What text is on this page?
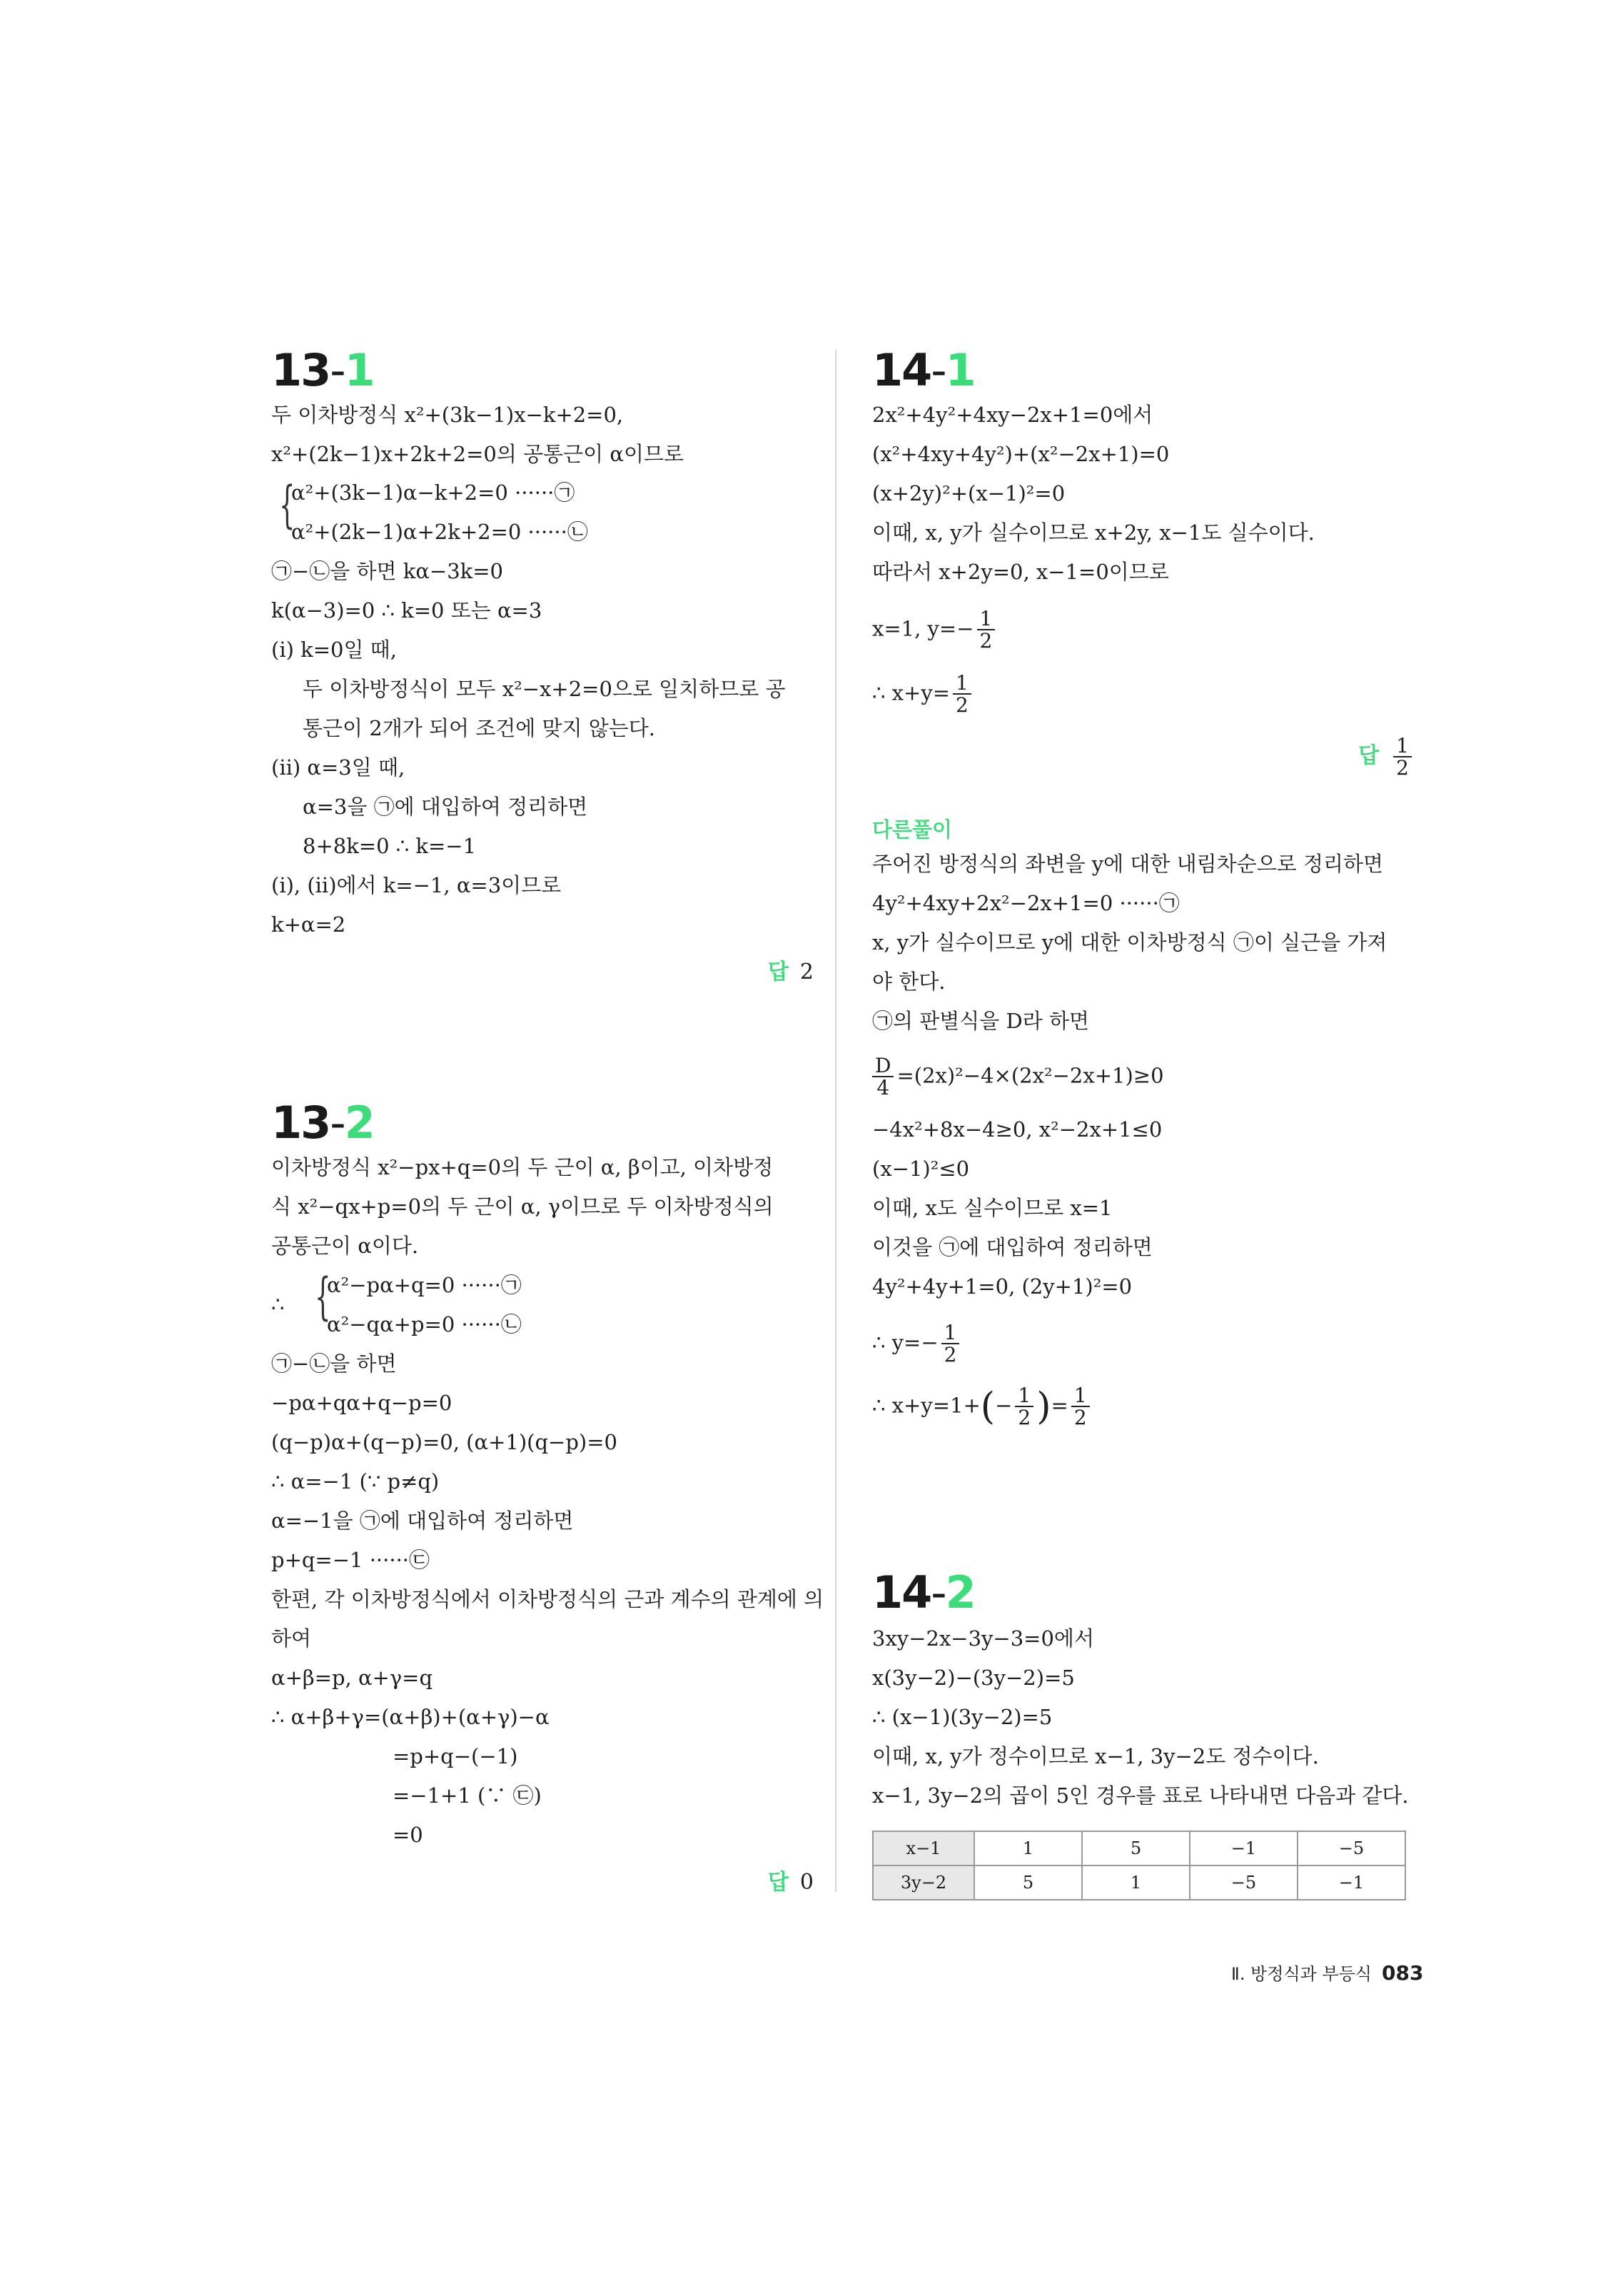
13-1
두 이차방정식 x²+(3k−1)x−k+2=0,
x²+(2k−1)x+2k+2=0의 공통근이 α이므로
{
α²+(3k−1)α−k+2=0 ······㉠
α²+(2k−1)α+2k+2=0 ······㉡
㉠−㉡을 하면 kα−3k=0
k(α−3)=0 ∴ k=0 또는 α=3
(ⅰ) k=0일 때,
두 이차방정식이 모두 x²−x+2=0으로 일치하므로 공
통근이 2개가 되어 조건에 맞지 않는다.
(ⅱ) α=3일 때,
α=3을 ㉠에 대입하여 정리하면
8+8k=0 ∴ k=−1
(ⅰ), (ⅱ)에서 k=−1, α=3이므로
k+α=2
답 2
13-2
이차방정식 x²−px+q=0의 두 근이 α, β이고, 이차방정
식 x²−qx+p=0의 두 근이 α, γ이므로 두 이차방정식의
공통근이 α이다.
∴ {
α²−pα+q=0 ······㉠
α²−qα+p=0 ······㉡
㉠−㉡을 하면
−pα+qα+q−p=0
(q−p)α+(q−p)=0, (α+1)(q−p)=0
∴ α=−1 (∵ p≠q)
α=−1을 ㉠에 대입하여 정리하면
p+q=−1 ······㉢
한편, 각 이차방정식에서 이차방정식의 근과 계수의 관계에 의
하여
α+β=p, α+γ=q
∴ α+β+γ=(α+β)+(α+γ)−α
=p+q−(−1)
=−1+1 (∵ ㉢)
=0
답 0
14-1
2x²+4y²+4xy−2x+1=0에서
(x²+4xy+4y²)+(x²−2x+1)=0
(x+2y)²+(x−1)²=0
이때, x, y가 실수이므로 x+2y, x−1도 실수이다.
따라서 x+2y=0, x−1=0이므로
x=1, $y=- \frac{1}{2}$
∴ $x+y= \frac{1}{2}$
답 $\frac{1}{2}$
다른풀이
주어진 방정식의 좌변을 y에 대한 내림차순으로 정리하면
4y²+4xy+2x²−2x+1=0 ······㉠
x, y가 실수이므로 y에 대한 이차방정식 ㉠이 실근을 가져
야 한다.
㉠의 판별식을 D라 하면
$\frac{D}{4} =(2x)^2-4\times(2x^2-2x+1)\ge 0$
−4x²+8x−4≥0, x²−2x+1≤0
(x−1)²≤0
이때, x도 실수이므로 x=1
이것을 ㉠에 대입하여 정리하면
4y²+4y+1=0, (2y+1)²=0
∴ $y=- \frac{1}{2}$
∴ $x+y=1+(- \frac{1}{2}$ )= $\frac{1}{2}$
14-2
3xy−2x−3y−3=0에서
x(3y−2)−(3y−2)=5
∴ (x−1)(3y−2)=5
이때, x, y가 정수이므로 x−1, 3y−2도 정수이다.
x−1, 3y−2의 곱이 5인 경우를 표로 나타내면 다음과 같다.
x−1	1	5	−1	−5
3y−2	5	1	−5	−1
Ⅱ. 방정식과 부등식 083
